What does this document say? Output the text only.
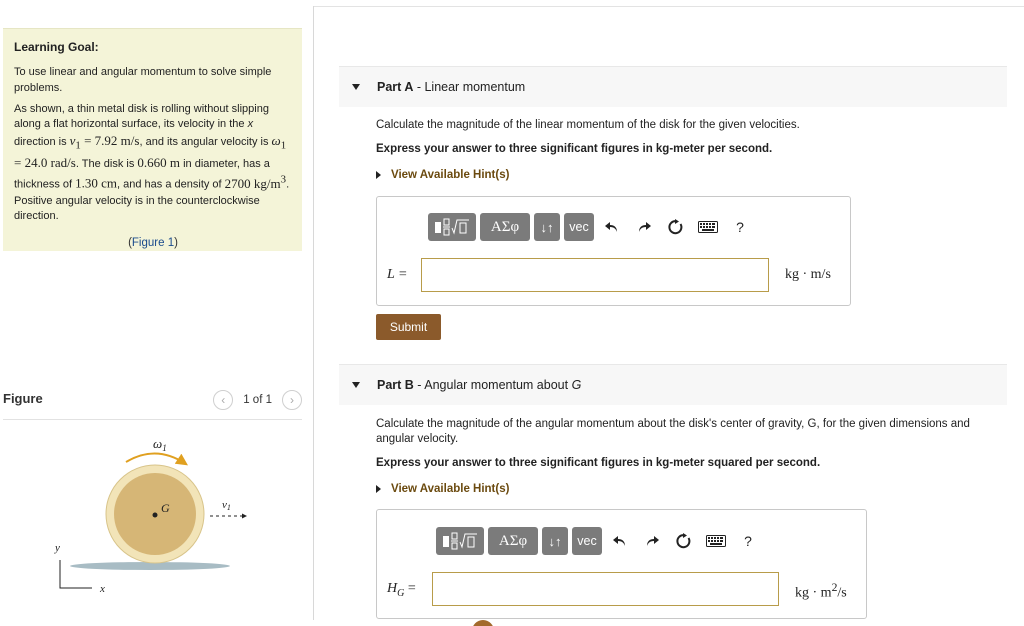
Learning Goal:

To use linear and angular momentum to solve simple problems.

As shown, a thin metal disk is rolling without slipping along a flat horizontal surface, its velocity in the x direction is $v_1 = 7.92$ m/s, and its angular velocity is $\omega_1 = 24.0$ rad/s. The disk is 0.660 m in diameter, has a thickness of 1.30 cm, and has a density of 2700 $kg/m^3$. Positive angular velocity is in the counterclockwise direction.

(Figure 1)
Figure	‹	1 of 1	›
$\omega_1$
G	v1
y
x
Part A - Linear momentum
Calculate the magnitude of the linear momentum of the disk for the given velocities.
Express your answer to three significant figures in kg-meter per second.
View Available Hint(s)
ΑΣφ	↓↑	vec	?
L =	kg · m/s
Submit
Part B - Angular momentum about G
Calculate the magnitude of the angular momentum about the disk's center of gravity, G, for the given dimensions and angular velocity.
Express your answer to three significant figures in kg-meter squared per second.
View Available Hint(s)
ΑΣφ	↓↑	vec	?
$H_G$ =	kg · $m^2/s$
